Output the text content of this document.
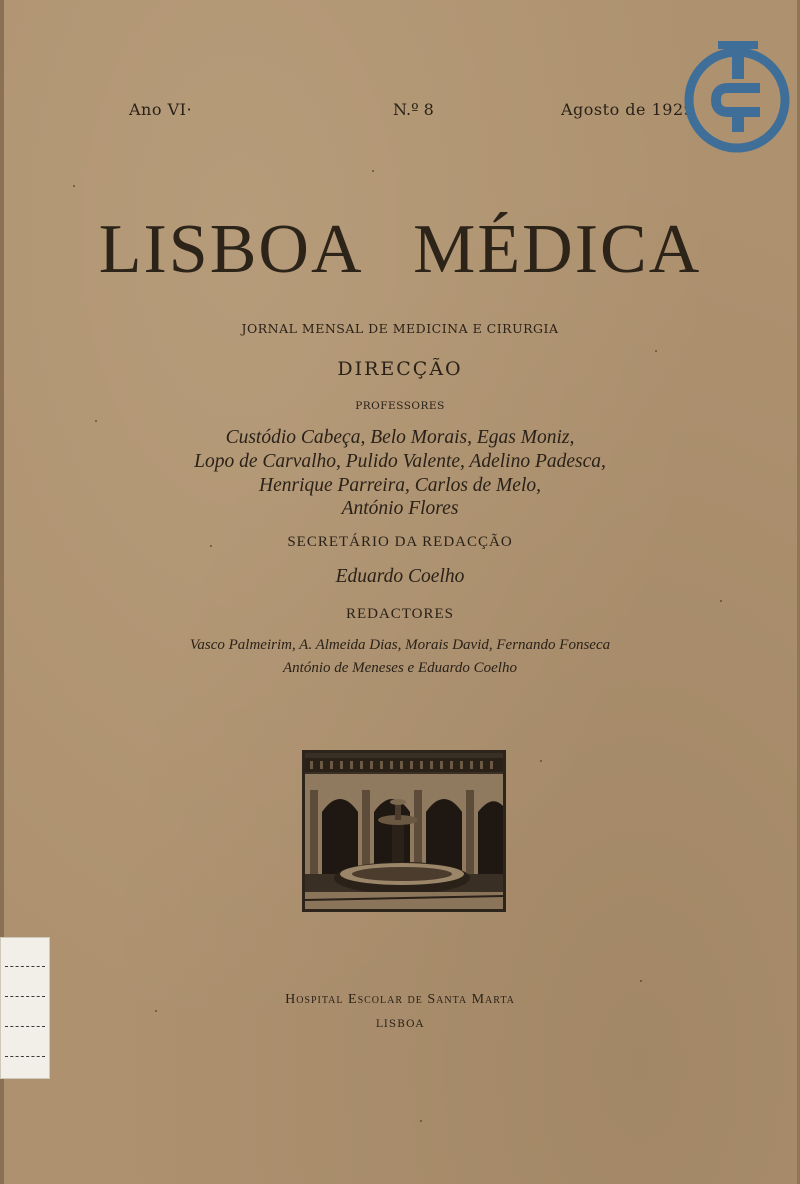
Ano VI·	N.º 8	Agosto de 1929
LISBOA MÉDICA
JORNAL MENSAL DE MEDICINA E CIRURGIA
DIRECÇÃO
PROFESSORES
Custódio Cabeça, Belo Morais, Egas Moniz,
Lopo de Carvalho, Pulido Valente, Adelino Padesca,
Henrique Parreira, Carlos de Melo,
António Flores
SECRETÁRIO DA REDACÇÃO
Eduardo Coelho
REDACTORES
Vasco Palmeirim, A. Almeida Dias, Morais David, Fernando Fonseca
António de Meneses e Eduardo Coelho
Hospital Escolar de Santa Marta
LISBOA
